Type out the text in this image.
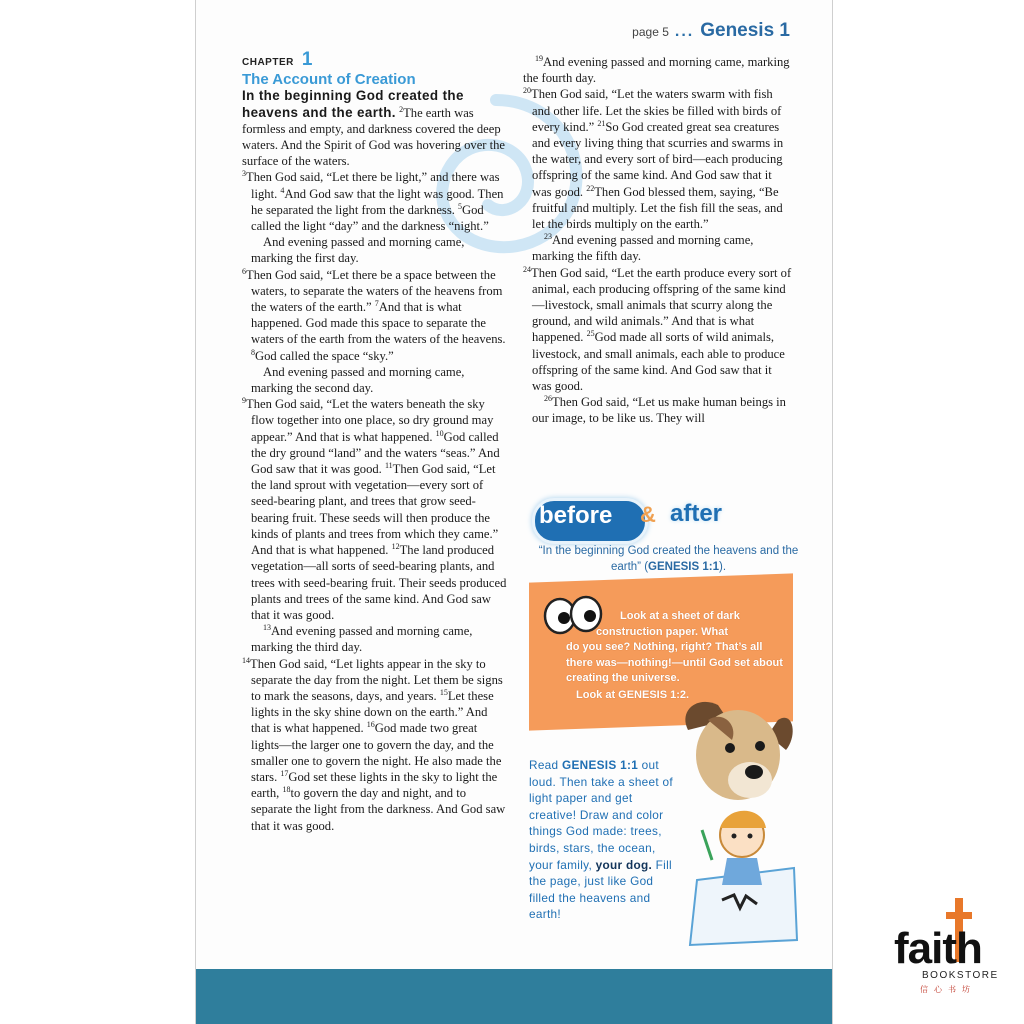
page 5 ... Genesis 1
CHAPTER 1

The Account of Creation

In the beginning God created the heavens and the earth. $^2$The earth was formless and empty, and darkness covered the deep waters. And the Spirit of God was hovering over the surface of the waters.

$^3$Then God said, “Let there be light,” and there was light. $^4$And God saw that the light was good. Then he separated the light from the darkness. $^5$God called the light “day” and the darkness “night.”

And evening passed and morning came, marking the first day.

$^6$Then God said, “Let there be a space between the waters, to separate the waters of the heavens from the waters of the earth.” $^7$And that is what happened. God made this space to separate the waters of the earth from the waters of the heavens. $^8$God called the space “sky.”

And evening passed and morning came, marking the second day.

$^9$Then God said, “Let the waters beneath the sky flow together into one place, so dry ground may appear.” And that is what happened. $^{10}$God called the dry ground “land” and the waters “seas.” And God saw that it was good. $^{11}$Then God said, “Let the land sprout with vegetation—every sort of seed-bearing plant, and trees that grow seed-bearing fruit. These seeds will then produce the kinds of plants and trees from which they came.” And that is what happened. $^{12}$The land produced vegetation—all sorts of seed-bearing plants, and trees with seed-bearing fruit. Their seeds produced plants and trees of the same kind. And God saw that it was good.

$^{13}$And evening passed and morning came, marking the third day.

$^{14}$Then God said, “Let lights appear in the sky to separate the day from the night. Let them be signs to mark the seasons, days, and years. $^{15}$Let these lights in the sky shine down on the earth.” And that is what happened. $^{16}$God made two great lights—the larger one to govern the day, and the smaller one to govern the night. He also made the stars. $^{17}$God set these lights in the sky to light the earth, $^{18}$to govern the day and night, and to separate the light from the darkness. And God saw that it was good.

$^{19}$And evening passed and morning came, marking the fourth day.

$^{20}$Then God said, “Let the waters swarm with fish and other life. Let the skies be filled with birds of every kind.” $^{21}$So God created great sea creatures and every living thing that scurries and swarms in the water, and every sort of bird—each producing offspring of the same kind. And God saw that it was good. $^{22}$Then God blessed them, saying, “Be fruitful and multiply. Let the fish fill the seas, and let the birds multiply on the earth.”

$^{23}$And evening passed and morning came, marking the fifth day.

$^{24}$Then God said, “Let the earth produce every sort of animal, each producing offspring of the same kind—livestock, small animals that scurry along the ground, and wild animals.” And that is what happened. $^{25}$God made all sorts of wild animals, livestock, and small animals, each able to produce offspring of the same kind. And God saw that it was good.

$^{26}$Then God said, “Let us make human beings in our image, to be like us. They will

before & after
“In the beginning God created the heavens and the earth” (GENESIS 1:1).

Look at a sheet of dark

construction paper. What

do you see? Nothing, right? That’s all there was—nothing!—until God set about creating the universe.

Look at GENESIS 1:2.

Read GENESIS 1:1 out loud. Then take a sheet of light paper and get creative! Draw and color things God made: trees, birds, stars, the ocean, your family, your dog. Fill the page, just like God filled the heavens and earth!
faith
BOOKSTORE
信心书坊
